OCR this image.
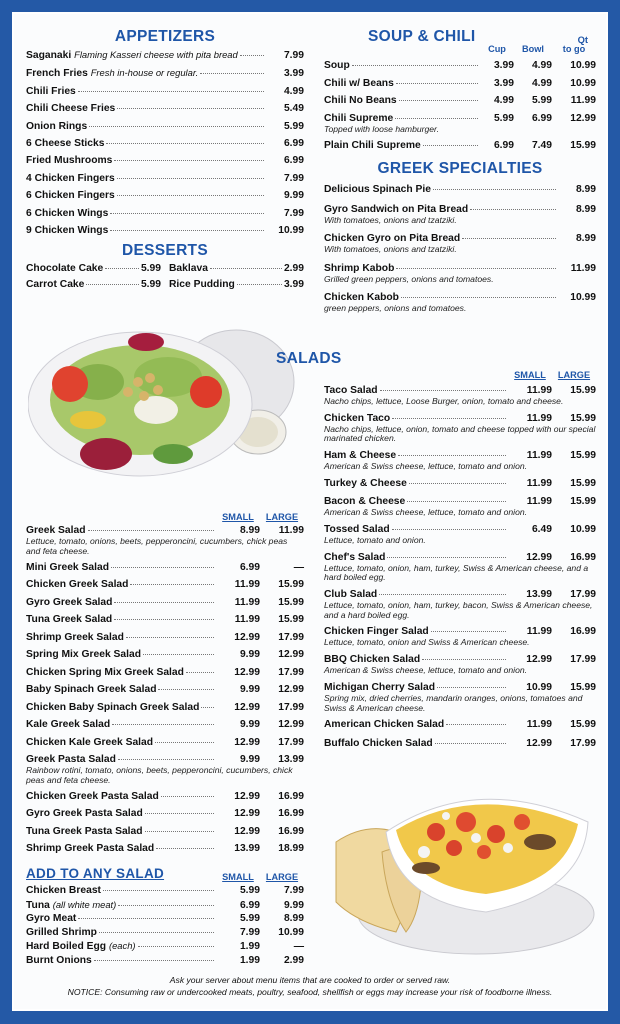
APPETIZERS
Saganaki Flaming Kasseri cheese with pita bread	7.99
French Fries Fresh in-house or regular.	3.99
Chili Fries	4.99
Chili Cheese Fries	5.49
Onion Rings	5.99
6 Cheese Sticks	6.99
Fried Mushrooms	6.99
4 Chicken Fingers	7.99
6 Chicken Fingers	9.99
6 Chicken Wings	7.99
9 Chicken Wings	10.99
DESSERTS
Chocolate Cake	5.99 Baklava	2.99
Carrot Cake	5.99 Rice Pudding	3.99
SOUP & CHILI	Qt
Cup	Bowl	to go
Soup	3.99	4.99	10.99
Chili w/ Beans	3.99	4.99	10.99
Chili No Beans	4.99	5.99	11.99
Chili Supreme	5.99	6.99	12.99
Topped with loose hamburger.
Plain Chili Supreme	6.99	7.49	15.99
GREEK SPECIALTIES
Delicious Spinach Pie	8.99
Gyro Sandwich on Pita Bread	8.99
With tomatoes, onions and tzatziki.
Chicken Gyro on Pita Bread	8.99
With tomatoes, onions and tzatziki.
Shrimp Kabob	11.99
Grilled green peppers, onions and tomatoes.
Chicken Kabob	10.99
green peppers, onions and tomatoes.
SMALL	LARGE
Greek Salad	8.99	11.99
Lettuce, tomato, onions, beets, pepperoncini, cucumbers, chick peas and feta cheese.
Mini Greek Salad	6.99	—
Chicken Greek Salad	11.99	15.99
Gyro Greek Salad	11.99	15.99
Tuna Greek Salad	11.99	15.99
Shrimp Greek Salad	12.99	17.99
Spring Mix Greek Salad	9.99	12.99
Chicken Spring Mix Greek Salad	12.99	17.99
Baby Spinach Greek Salad	9.99	12.99
Chicken Baby Spinach Greek Salad	12.99	17.99
Kale Greek Salad	9.99	12.99
Chicken Kale Greek Salad	12.99	17.99
Greek Pasta Salad	9.99	13.99
Rainbow rotini, tomato, onions, beets, pepperoncini, cucumbers, chick peas and feta cheese.
Chicken Greek Pasta Salad	12.99	16.99
Gyro Greek Pasta Salad	12.99	16.99
Tuna Greek Pasta Salad	12.99	16.99
Shrimp Greek Pasta Salad	13.99	18.99
ADD TO ANY SALAD	SMALL	LARGE
Chicken Breast	5.99	7.99
Tuna (all white meat)	6.99	9.99
Gyro Meat	5.99	8.99
Grilled Shrimp	7.99	10.99
Hard Boiled Egg (each)	1.99	—
Burnt Onions	1.99	2.99
SALADS
SMALL	LARGE
Taco Salad	11.99	15.99
Nacho chips, lettuce, Loose Burger, onion, tomato and cheese.
Chicken Taco	11.99	15.99
Nacho chips, lettuce, onion, tomato and cheese topped with our special marinated chicken.
Ham & Cheese	11.99	15.99
American & Swiss cheese, lettuce, tomato and onion.
Turkey & Cheese	11.99	15.99
Bacon & Cheese	11.99	15.99
American & Swiss cheese, lettuce, tomato and onion.
Tossed Salad	6.49	10.99
Lettuce, tomato and onion.
Chef's Salad	12.99	16.99
Lettuce, tomato, onion, ham, turkey, Swiss & American cheese, and a hard boiled egg.
Club Salad	13.99	17.99
Lettuce, tomato, onion, ham, turkey, bacon, Swiss & American cheese, and a hard boiled egg.
Chicken Finger Salad	11.99	16.99
Lettuce, tomato, onion and Swiss & American cheese.
BBQ Chicken Salad	12.99	17.99
American & Swiss cheese, lettuce, tomato and onion.
Michigan Cherry Salad	10.99	15.99
Spring mix, dried cherries, mandarin oranges, onions, tomatoes and Swiss & American cheese.
American Chicken Salad	11.99	15.99
Buffalo Chicken Salad	12.99	17.99
Ask your server about menu items that are cooked to order or served raw.
NOTICE: Consuming raw or undercooked meats, poultry, seafood, shellfish or eggs may increase your risk of foodborne illness.
